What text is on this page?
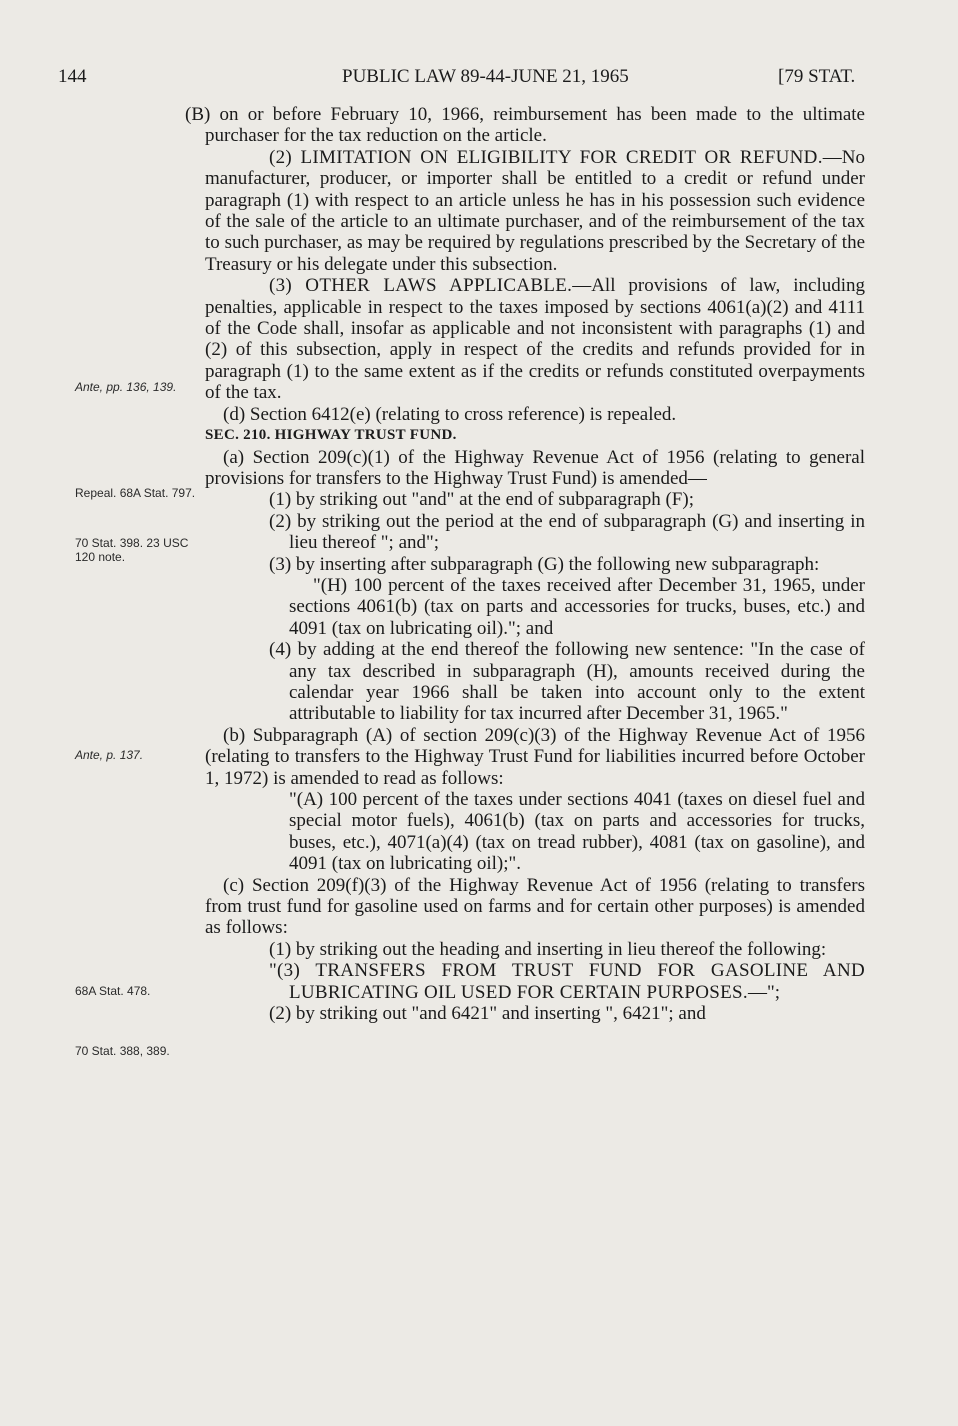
144	PUBLIC LAW 89-44-JUNE 21, 1965	[79 STAT.
Ante, pp. 136, 139.
Repeal. 68A Stat. 797.
70 Stat. 398. 23 USC 120 note.
Ante, p. 137.
68A Stat. 478.
70 Stat. 388, 389.

(B) on or before February 10, 1966, reimbursement has been made to the ultimate purchaser for the tax reduction on the article.

(2) LIMITATION ON ELIGIBILITY FOR CREDIT OR REFUND.—No manufacturer, producer, or importer shall be entitled to a credit or refund under paragraph (1) with respect to an article unless he has in his possession such evidence of the sale of the article to an ultimate purchaser, and of the reimbursement of the tax to such purchaser, as may be required by regulations prescribed by the Secretary of the Treasury or his delegate under this subsection.

(3) OTHER LAWS APPLICABLE.—All provisions of law, including penalties, applicable in respect to the taxes imposed by sections 4061(a)(2) and 4111 of the Code shall, insofar as applicable and not inconsistent with paragraphs (1) and (2) of this subsection, apply in respect of the credits and refunds provided for in paragraph (1) to the same extent as if the credits or refunds constituted overpayments of the tax.

(d) Section 6412(e) (relating to cross reference) is repealed.

SEC. 210. HIGHWAY TRUST FUND.

(a) Section 209(c)(1) of the Highway Revenue Act of 1956 (relating to general provisions for transfers to the Highway Trust Fund) is amended—

(1) by striking out "and" at the end of subparagraph (F);

(2) by striking out the period at the end of subparagraph (G) and inserting in lieu thereof "; and";

(3) by inserting after subparagraph (G) the following new subparagraph:

"(H) 100 percent of the taxes received after December 31, 1965, under sections 4061(b) (tax on parts and accessories for trucks, buses, etc.) and 4091 (tax on lubricating oil)."; and

(4) by adding at the end thereof the following new sentence: "In the case of any tax described in subparagraph (H), amounts received during the calendar year 1966 shall be taken into account only to the extent attributable to liability for tax incurred after December 31, 1965."

(b) Subparagraph (A) of section 209(c)(3) of the Highway Revenue Act of 1956 (relating to transfers to the Highway Trust Fund for liabilities incurred before October 1, 1972) is amended to read as follows:

"(A) 100 percent of the taxes under sections 4041 (taxes on diesel fuel and special motor fuels), 4061(b) (tax on parts and accessories for trucks, buses, etc.), 4071(a)(4) (tax on tread rubber), 4081 (tax on gasoline), and 4091 (tax on lubricating oil);".

(c) Section 209(f)(3) of the Highway Revenue Act of 1956 (relating to transfers from trust fund for gasoline used on farms and for certain other purposes) is amended as follows:

(1) by striking out the heading and inserting in lieu thereof the following:

"(3) TRANSFERS FROM TRUST FUND FOR GASOLINE AND LUBRICATING OIL USED FOR CERTAIN PURPOSES.—";

(2) by striking out "and 6421" and inserting ", 6421"; and
